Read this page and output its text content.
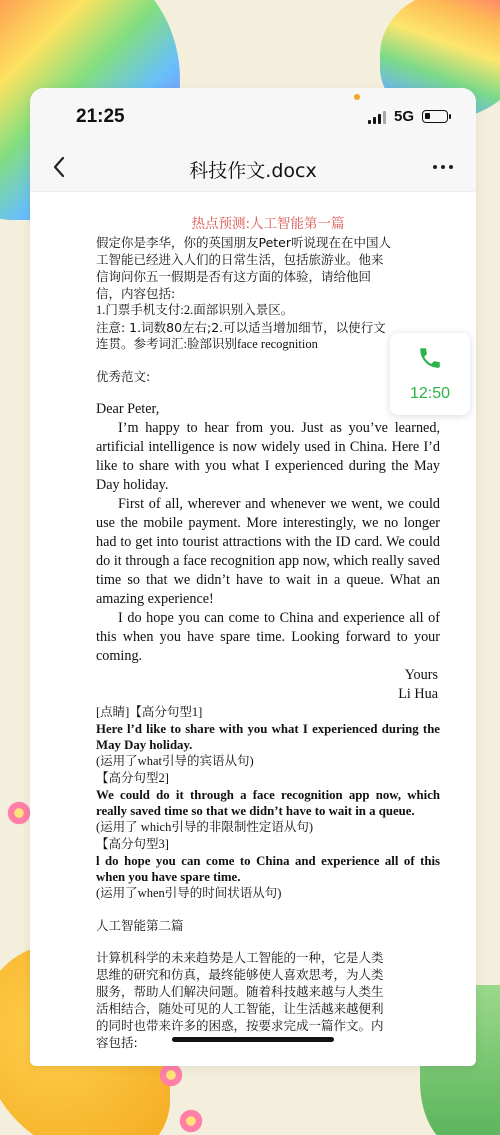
21:25	5G
科技作文.docx
热点预测:人工智能第一篇
假定你是李华，你的英国朋友Peter听说现在在中国人
工智能已经进入人们的日常生活，包括旅游业。他来
信询问你五一假期是否有这方面的体验，请给他回
信，内容包括:
1.门票手机支付:2.面部识别入景区。
注意: 1.词数80左右;2.可以适当增加细节，以使行文
连贯。参考词汇:脸部识别face recognition
优秀范文:
Dear Peter,
I’m happy to hear from you. Just as you’ve learned, artificial intelligence is now widely used in China. Here I’d like to share with you what I experienced during the May Day holiday.
First of all, wherever and whenever we went, we could use the mobile payment. More interestingly, we no longer had to get into tourist attractions with the ID card. We could do it through a face recognition app now, which really saved time so that we didn’t have to wait in a queue. What an amazing experience!
I do hope you can come to China and experience all of this when you have spare time. Looking forward to your coming.
Yours
Li Hua
[点睛]【高分句型1]
Here l’d like to share with you what I experienced during the May Day holiday.
(运用了what引导的宾语从句)
【高分句型2]
We could do it through a face recognition app now, which really saved time so that we didn’t have to wait in a queue.
(运用了 which引导的非限制性定语从句)
【高分句型3]
l do hope you can come to China and experience all of this when you have spare time.
(运用了when引导的时间状语从句)
人工智能第二篇
计算机科学的未来趋势是人工智能的一种，它是人类
思维的研究和仿真，最终能够使人喜欢思考，为人类
服务，帮助人们解决问题。随着科技越来越与人类生
活相结合，随处可见的人工智能，让生活越来越便利
的同时也带来许多的困惑，按要求完成一篇作文。内
容包括:
12:50
